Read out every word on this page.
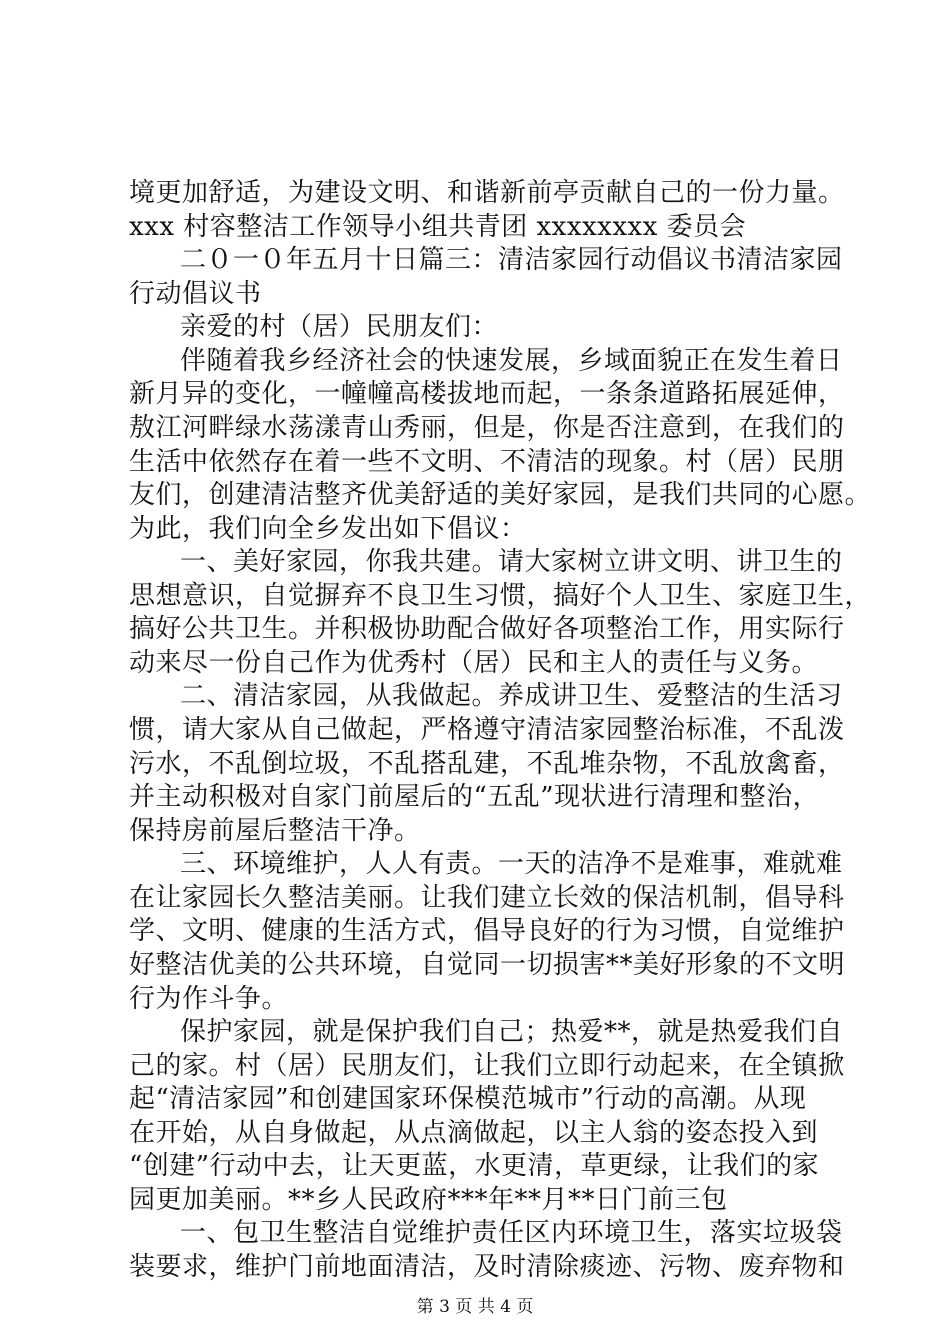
境更加舒适，为建设文明、和谐新前亭贡献自己的一份力量。
xxx 村容整洁工作领导小组共青团 xxxxxxxx 委员会
二０一０年五月十日篇三：清洁家园行动倡议书清洁家园
行动倡议书
亲爱的村（居）民朋友们：
伴随着我乡经济社会的快速发展，乡域面貌正在发生着日
新月异的变化，一幢幢高楼拔地而起，一条条道路拓展延伸，
敖江河畔绿水荡漾青山秀丽，但是，你是否注意到，在我们的
生活中依然存在着一些不文明、不清洁的现象。村（居）民朋
友们，创建清洁整齐优美舒适的美好家园，是我们共同的心愿。
为此，我们向全乡发出如下倡议：
一、美好家园，你我共建。请大家树立讲文明、讲卫生的
思想意识，自觉摒弃不良卫生习惯，搞好个人卫生、家庭卫生，
搞好公共卫生。并积极协助配合做好各项整治工作，用实际行
动来尽一份自己作为优秀村（居）民和主人的责任与义务。
二、清洁家园，从我做起。养成讲卫生、爱整洁的生活习
惯，请大家从自己做起，严格遵守清洁家园整治标准，不乱泼
污水，不乱倒垃圾，不乱搭乱建，不乱堆杂物，不乱放禽畜，
并主动积极对自家门前屋后的“五乱”现状进行清理和整治，
保持房前屋后整洁干净。
三、环境维护，人人有责。一天的洁净不是难事，难就难
在让家园长久整洁美丽。让我们建立长效的保洁机制，倡导科
学、文明、健康的生活方式，倡导良好的行为习惯，自觉维护
好整洁优美的公共环境，自觉同一切损害**美好形象的不文明
行为作斗争。
保护家园，就是保护我们自己；热爱**，就是热爱我们自
己的家。村（居）民朋友们，让我们立即行动起来，在全镇掀
起“清洁家园”和创建国家环保模范城市”行动的高潮。从现
在开始，从自身做起，从点滴做起，以主人翁的姿态投入到
“创建”行动中去，让天更蓝，水更清，草更绿，让我们的家
园更加美丽。**乡人民政府***年**月**日门前三包
一、包卫生整洁自觉维护责任区内环境卫生，落实垃圾袋
装要求，维护门前地面清洁，及时清除痰迹、污物、废弃物和
第 3 页 共 4 页
